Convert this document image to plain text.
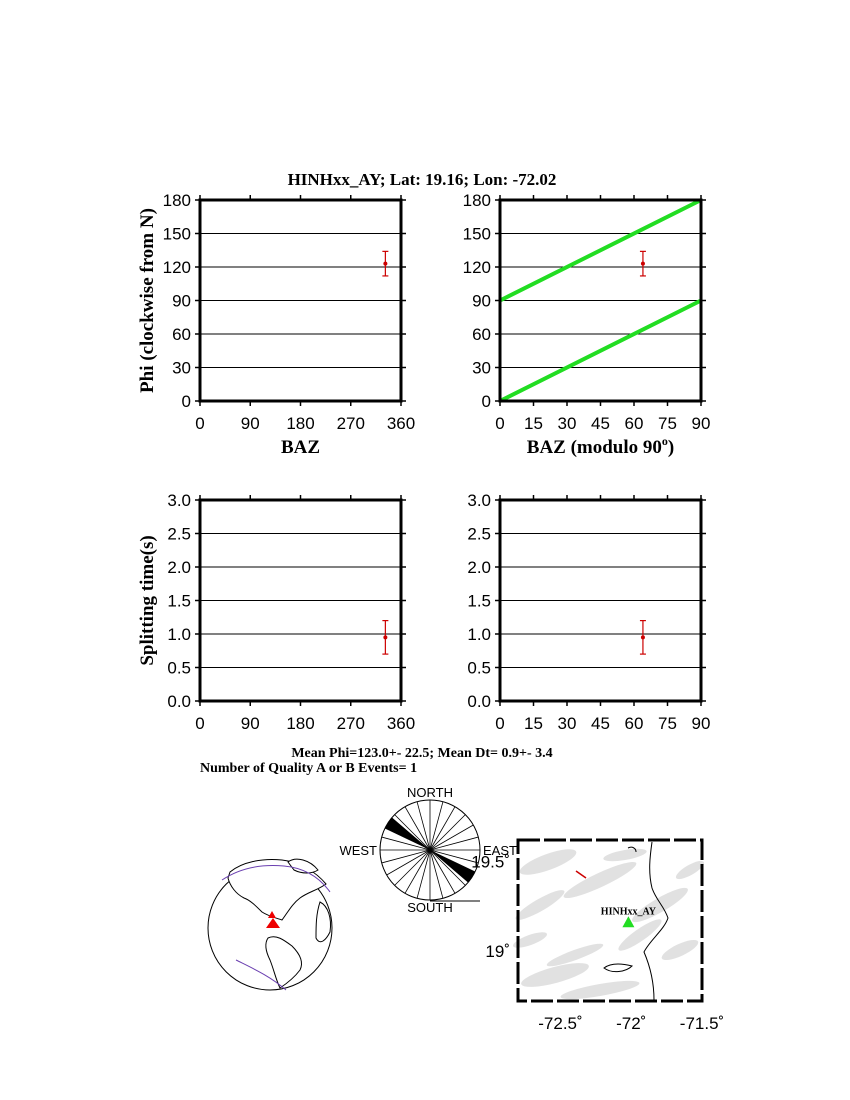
HINHxx_AY; Lat: 19.16; Lon: -72.02
0 90 180 270 360
0
30
60
90
120
150
180
Phi (clockwise from N)
BAZ
0 15 30 45 60 75 90
0
30
60
90
120
150
180
BAZ (modulo 90$^o$)
0 90 180 270 360
0.0
0.5
1.0
1.5
2.0
2.5
3.0
Splitting time(s)
0 15 30 45 60 75 90
0.0
0.5
1.0
1.5
2.0
2.5
3.0
Mean Phi=123.0+- 22.5; Mean Dt= 0.9+- 3.4
Number of Quality A or B Events= 1
NORTH
SOUTH
EAST
WEST
HINHxx_AY
-72.5˚ -72˚ -71.5˚
19.5˚
19˚
